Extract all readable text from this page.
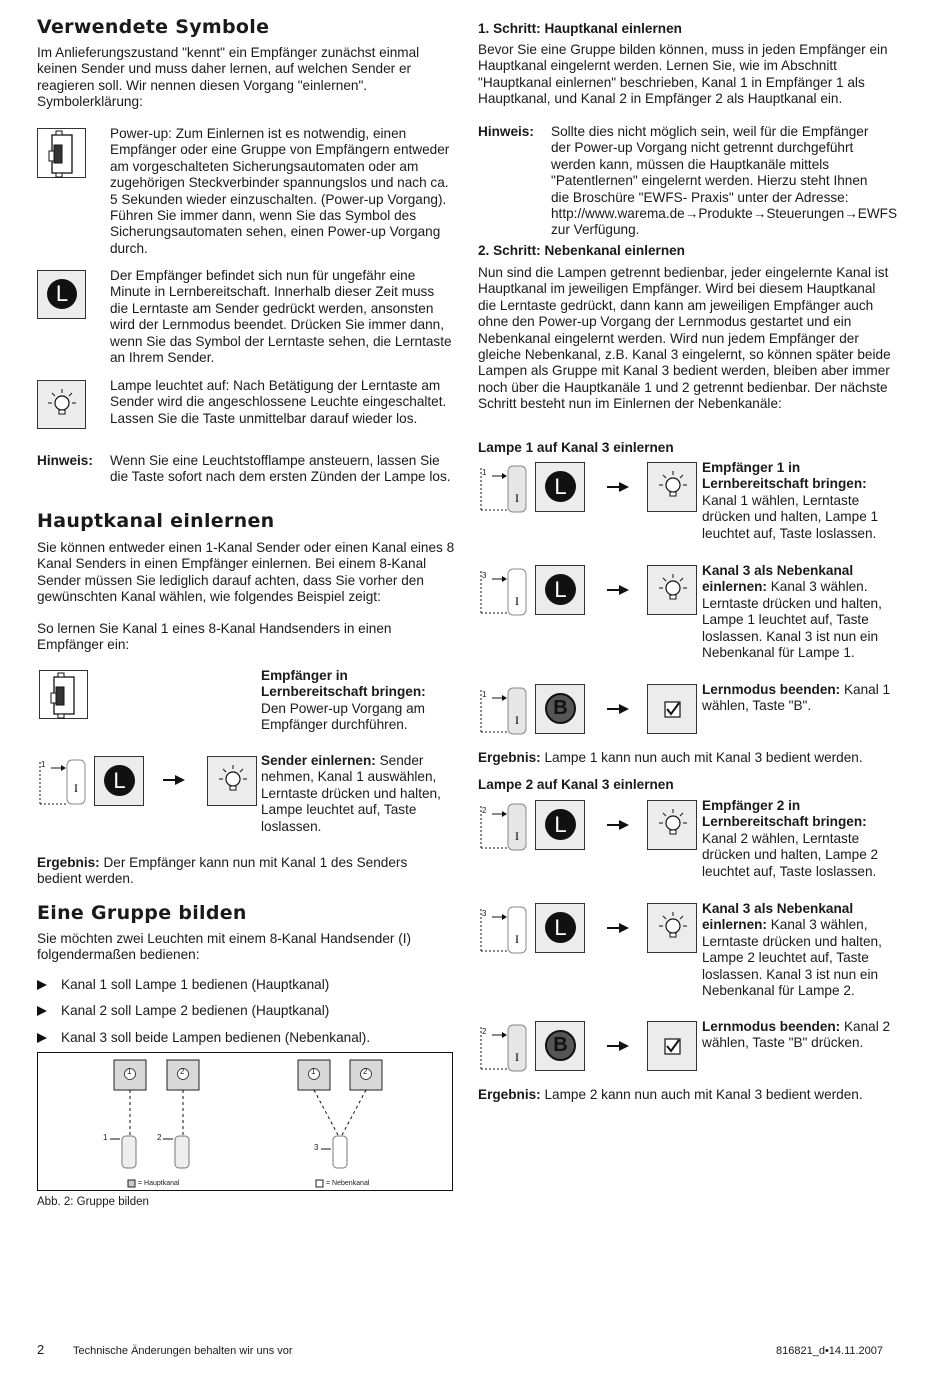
Verwendete Symbole

Im Anlieferungszustand "kennt" ein Empfänger zunächst einmal keinen Sender und muss daher lernen, auf welchen Sender er reagieren soll. Wir nennen diesen Vorgang "einlernen". Symbolerklärung:

Power-up: Zum Einlernen ist es notwendig, einen Empfänger oder eine Gruppe von Empfängern entweder am vorgeschalteten Sicherungsautomaten oder am zugehörigen Steckverbinder spannungslos und nach ca. 5 Sekunden wieder einzuschalten. (Power-up Vorgang). Führen Sie immer dann, wenn Sie das Symbol des Sicherungsautomaten sehen, einen Power-up Vorgang durch.

L

Der Empfänger befindet sich nun für ungefähr eine Minute in Lernbereitschaft. Innerhalb dieser Zeit muss die Lerntaste am Sender gedrückt werden, ansonsten wird der Lernmodus beendet. Drücken Sie immer dann, wenn Sie das Symbol der Lerntaste sehen, die Lerntaste an Ihrem Sender.

Lampe leuchtet auf: Nach Betätigung der Lerntaste am Sender wird die angeschlossene Leuchte eingeschaltet. Lassen Sie die Taste unmittelbar darauf wieder los.

Hinweis: Wenn Sie eine Leuchtstofflampe ansteuern, lassen Sie die Taste sofort nach dem ersten Zünden der Lampe los.

Hauptkanal einlernen

Sie können entweder einen 1-Kanal Sender oder einen Kanal eines 8 Kanal Senders in einen Empfänger einlernen. Bei einem 8-Kanal Sender müssen Sie lediglich darauf achten, dass Sie vorher den gewünschten Kanal wählen, wie folgendes Beispiel zeigt:

So lernen Sie Kanal 1 eines 8-Kanal Handsenders in einen Empfänger ein:

Empfänger in Lernbereitschaft bringen: Den Power-up Vorgang am Empfänger durchführen.

I
1
L

Sender einlernen: Sender nehmen, Kanal 1 auswählen, Lerntaste drücken und halten, Lampe leuchtet auf, Taste loslassen.

Ergebnis: Der Empfänger kann nun mit Kanal 1 des Senders bedient werden.

Eine Gruppe bilden

Sie möchten zwei Leuchten mit einem 8-Kanal Handsender (I) folgendermaßen bedienen:

Kanal 1 soll Lampe 1 bedienen (Hauptkanal)

Kanal 2 soll Lampe 2 bedienen (Hauptkanal)

Kanal 3 soll beide Lampen bedienen (Nebenkanal).

1	2	1	2
1	2
3
= Hauptkanal	= Nebenkanal

Abb. 2: Gruppe bilden

1. Schritt: Hauptkanal einlernen

Bevor Sie eine Gruppe bilden können, muss in jeden Empfänger ein Hauptkanal eingelernt werden. Lernen Sie, wie im Abschnitt "Hauptkanal einlernen" beschrieben, Kanal 1 in Empfänger 1 als Hauptkanal, und Kanal 2 in Empfänger 2 als Hauptkanal ein.

Hinweis: Sollte dies nicht möglich sein, weil für die Empfänger der Power-up Vorgang nicht getrennt durchgeführt werden kann, müssen die Hauptkanäle mittels "Patentlernen" eingelernt werden. Hierzu steht Ihnen die Broschüre "EWFS- Praxis" unter der Adresse: http://www.warema.de→Produkte→Steuerungen→EWFS zur Verfügung.

2. Schritt: Nebenkanal einlernen

Nun sind die Lampen getrennt bedienbar, jeder eingelernte Kanal ist Hauptkanal im jeweiligen Empfänger. Wird bei diesem Hauptkanal die Lerntaste gedrückt, dann kann am jeweiligen Empfänger auch ohne den Power-up Vorgang der Lernmodus gestartet und ein Nebenkanal eingelernt werden. Wird nun jedem Empfänger der gleiche Nebenkanal, z.B. Kanal 3 eingelernt, so können später beide Lampen als Gruppe mit Kanal 3 bedient werden, bleiben aber immer noch über die Hauptkanäle 1 und 2 getrennt bedienbar. Der nächste Schritt besteht nun im Einlernen der Nebenkanäle:

Lampe 1 auf Kanal 3 einlernen
I
1
L

Empfänger 1 in Lernbereitschaft bringen: Kanal 1 wählen, Lerntaste drücken und halten, Lampe 1 leuchtet auf, Taste loslassen.

I
3
L

Kanal 3 als Nebenkanal einlernen: Kanal 3 wählen. Lerntaste drücken und halten, Lampe 1 leuchtet auf, Taste loslassen. Kanal 3 ist nun ein Nebenkanal für Lampe 1.

I
1
B

Lernmodus beenden: Kanal 1 wählen, Taste "B".

Ergebnis: Lampe 1 kann nun auch mit Kanal 3 bedient werden.

Lampe 2 auf Kanal 3 einlernen
I
2
L

Empfänger 2 in Lernbereitschaft bringen: Kanal 2 wählen, Lerntaste drücken und halten, Lampe 2 leuchtet auf, Taste loslassen.

I
3
L

Kanal 3 als Nebenkanal einlernen: Kanal 3 wählen, Lerntaste drücken und halten, Lampe 2 leuchtet auf, Taste loslassen. Kanal 3 ist nun ein Nebenkanal für Lampe 2.

I
2
B

Lernmodus beenden: Kanal 2 wählen, Taste "B" drücken.

Ergebnis: Lampe 2 kann nun auch mit Kanal 3 bedient werden.

2	Technische Änderungen behalten wir uns vor	816821_d•14.11.2007
